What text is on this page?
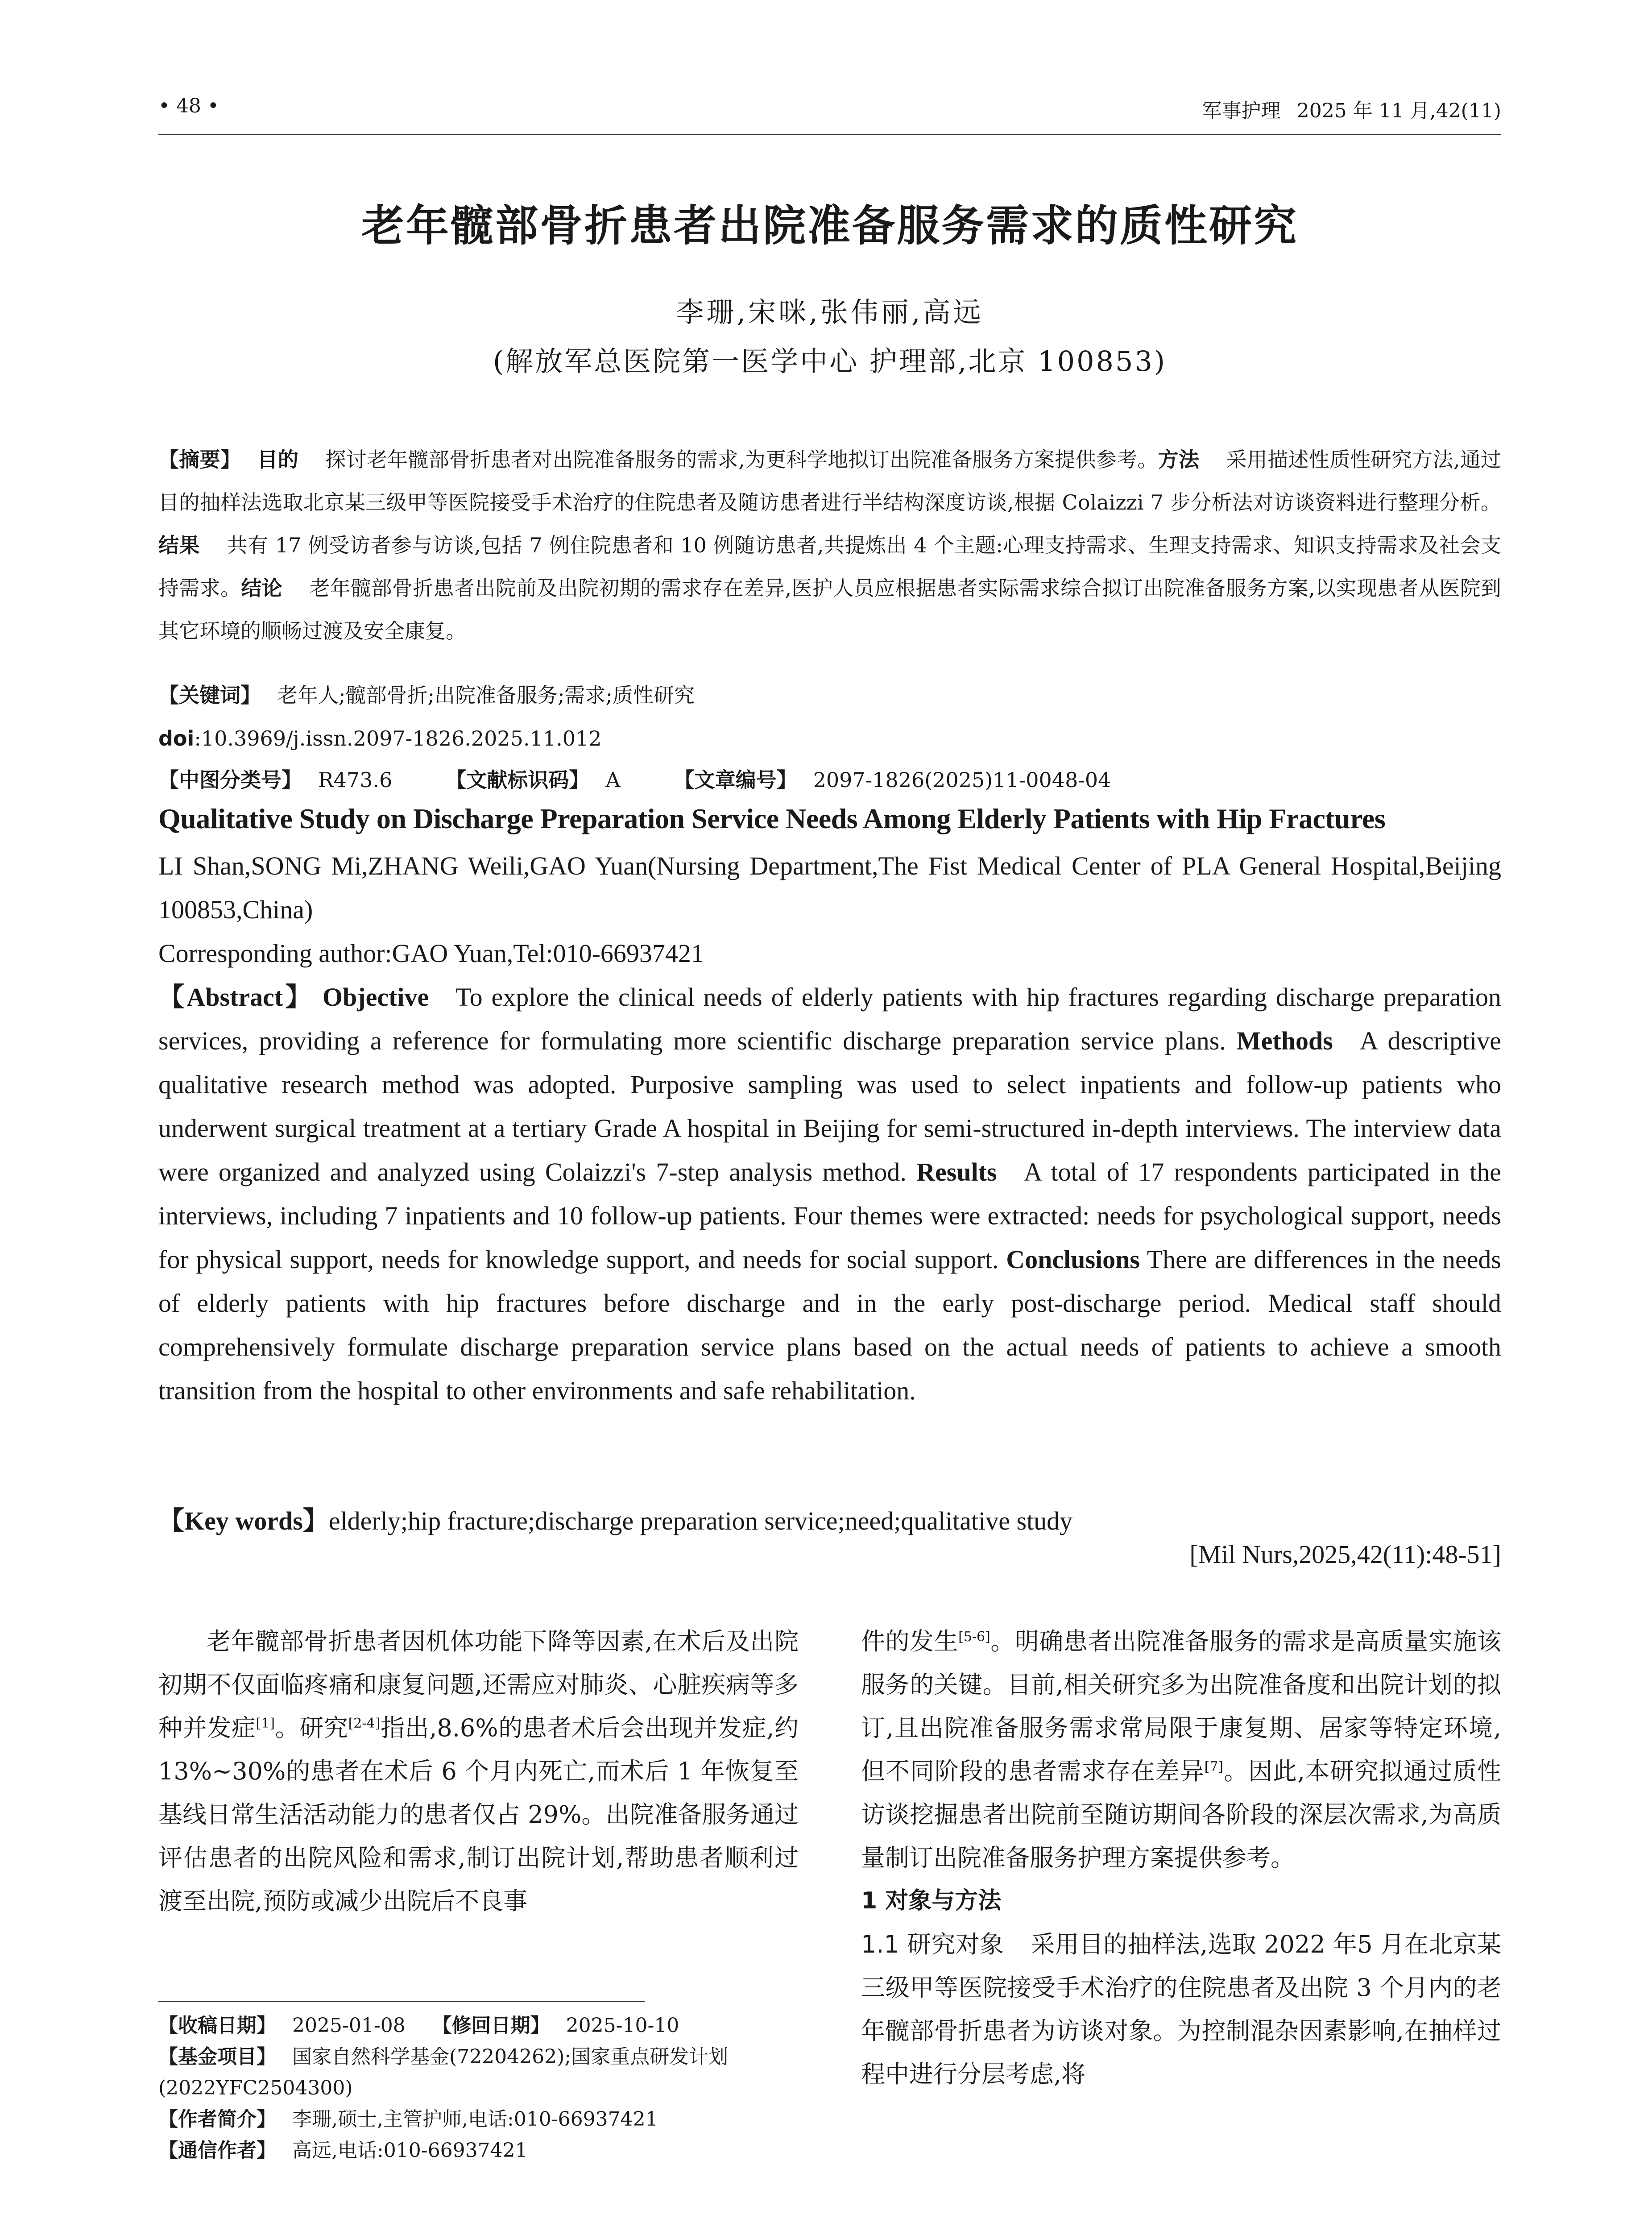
• 48 •	军事护理 2025 年 11 月,42(11)
老年髋部骨折患者出院准备服务需求的质性研究
李珊,宋咪,张伟丽,高远
(解放军总医院第一医学中心 护理部,北京 100853)
【摘要】 目的 探讨老年髋部骨折患者对出院准备服务的需求,为更科学地拟订出院准备服务方案提供参考。方法 采用描述性质性研究方法,通过目的抽样法选取北京某三级甲等医院接受手术治疗的住院患者及随访患者进行半结构深度访谈,根据 Colaizzi 7 步分析法对访谈资料进行整理分析。结果 共有 17 例受访者参与访谈,包括 7 例住院患者和 10 例随访患者,共提炼出 4 个主题:心理支持需求、生理支持需求、知识支持需求及社会支持需求。结论 老年髋部骨折患者出院前及出院初期的需求存在差异,医护人员应根据患者实际需求综合拟订出院准备服务方案,以实现患者从医院到其它环境的顺畅过渡及安全康复。
【关键词】 老年人;髋部骨折;出院准备服务;需求;质性研究
doi:10.3969/j.issn.2097-1826.2025.11.012
【中图分类号】 R473.6	【文献标识码】 A	【文章编号】 2097-1826(2025)11-0048-04
Qualitative Study on Discharge Preparation Service Needs Among Elderly Patients with Hip Fractures
LI Shan,SONG Mi,ZHANG Weili,GAO Yuan(Nursing Department,The Fist Medical Center of PLA General Hospital,Beijing 100853,China)
Corresponding author:GAO Yuan,Tel:010-66937421
【Abstract】 Objective To explore the clinical needs of elderly patients with hip fractures regarding discharge preparation services, providing a reference for formulating more scientific discharge preparation service plans. Methods A descriptive qualitative research method was adopted. Purposive sampling was used to select inpatients and follow-up patients who underwent surgical treatment at a tertiary Grade A hospital in Beijing for semi-structured in-depth interviews. The interview data were organized and analyzed using Colaizzi's 7-step analysis method. Results A total of 17 respondents participated in the interviews, including 7 inpatients and 10 follow-up patients. Four themes were extracted: needs for psychological support, needs for physical support, needs for knowledge support, and needs for social support. Conclusions There are differences in the needs of elderly patients with hip fractures before discharge and in the early post-discharge period. Medical staff should comprehensively formulate discharge preparation service plans based on the actual needs of patients to achieve a smooth transition from the hospital to other environments and safe rehabilitation.
【Key words】elderly;hip fracture;discharge preparation service;need;qualitative study
[Mil Nurs,2025,42(11):48-51]
老年髋部骨折患者因机体功能下降等因素,在术后及出院初期不仅面临疼痛和康复问题,还需应对肺炎、心脏疾病等多种并发症[1]。研究[2-4]指出,8.6%的患者术后会出现并发症,约 13%~30%的患者在术后 6 个月内死亡,而术后 1 年恢复至基线日常生活活动能力的患者仅占 29%。出院准备服务通过评估患者的出院风险和需求,制订出院计划,帮助患者顺利过渡至出院,预防或减少出院后不良事

【收稿日期】 2025-01-08 【修回日期】 2025-10-10

【基金项目】 国家自然科学基金(72204262);国家重点研发计划(2022YFC2504300)

【作者简介】 李珊,硕士,主管护师,电话:010-66937421

【通信作者】 高远,电话:010-66937421

件的发生[5-6]。明确患者出院准备服务的需求是高质量实施该服务的关键。目前,相关研究多为出院准备度和出院计划的拟订,且出院准备服务需求常局限于康复期、居家等特定环境,但不同阶段的患者需求存在差异[7]。因此,本研究拟通过质性访谈挖掘患者出院前至随访期间各阶段的深层次需求,为高质量制订出院准备服务护理方案提供参考。

1 对象与方法

1.1 研究对象 采用目的抽样法,选取 2022 年5 月在北京某三级甲等医院接受手术治疗的住院患者及出院 3 个月内的老年髋部骨折患者为访谈对象。为控制混杂因素影响,在抽样过程中进行分层考虑,将
